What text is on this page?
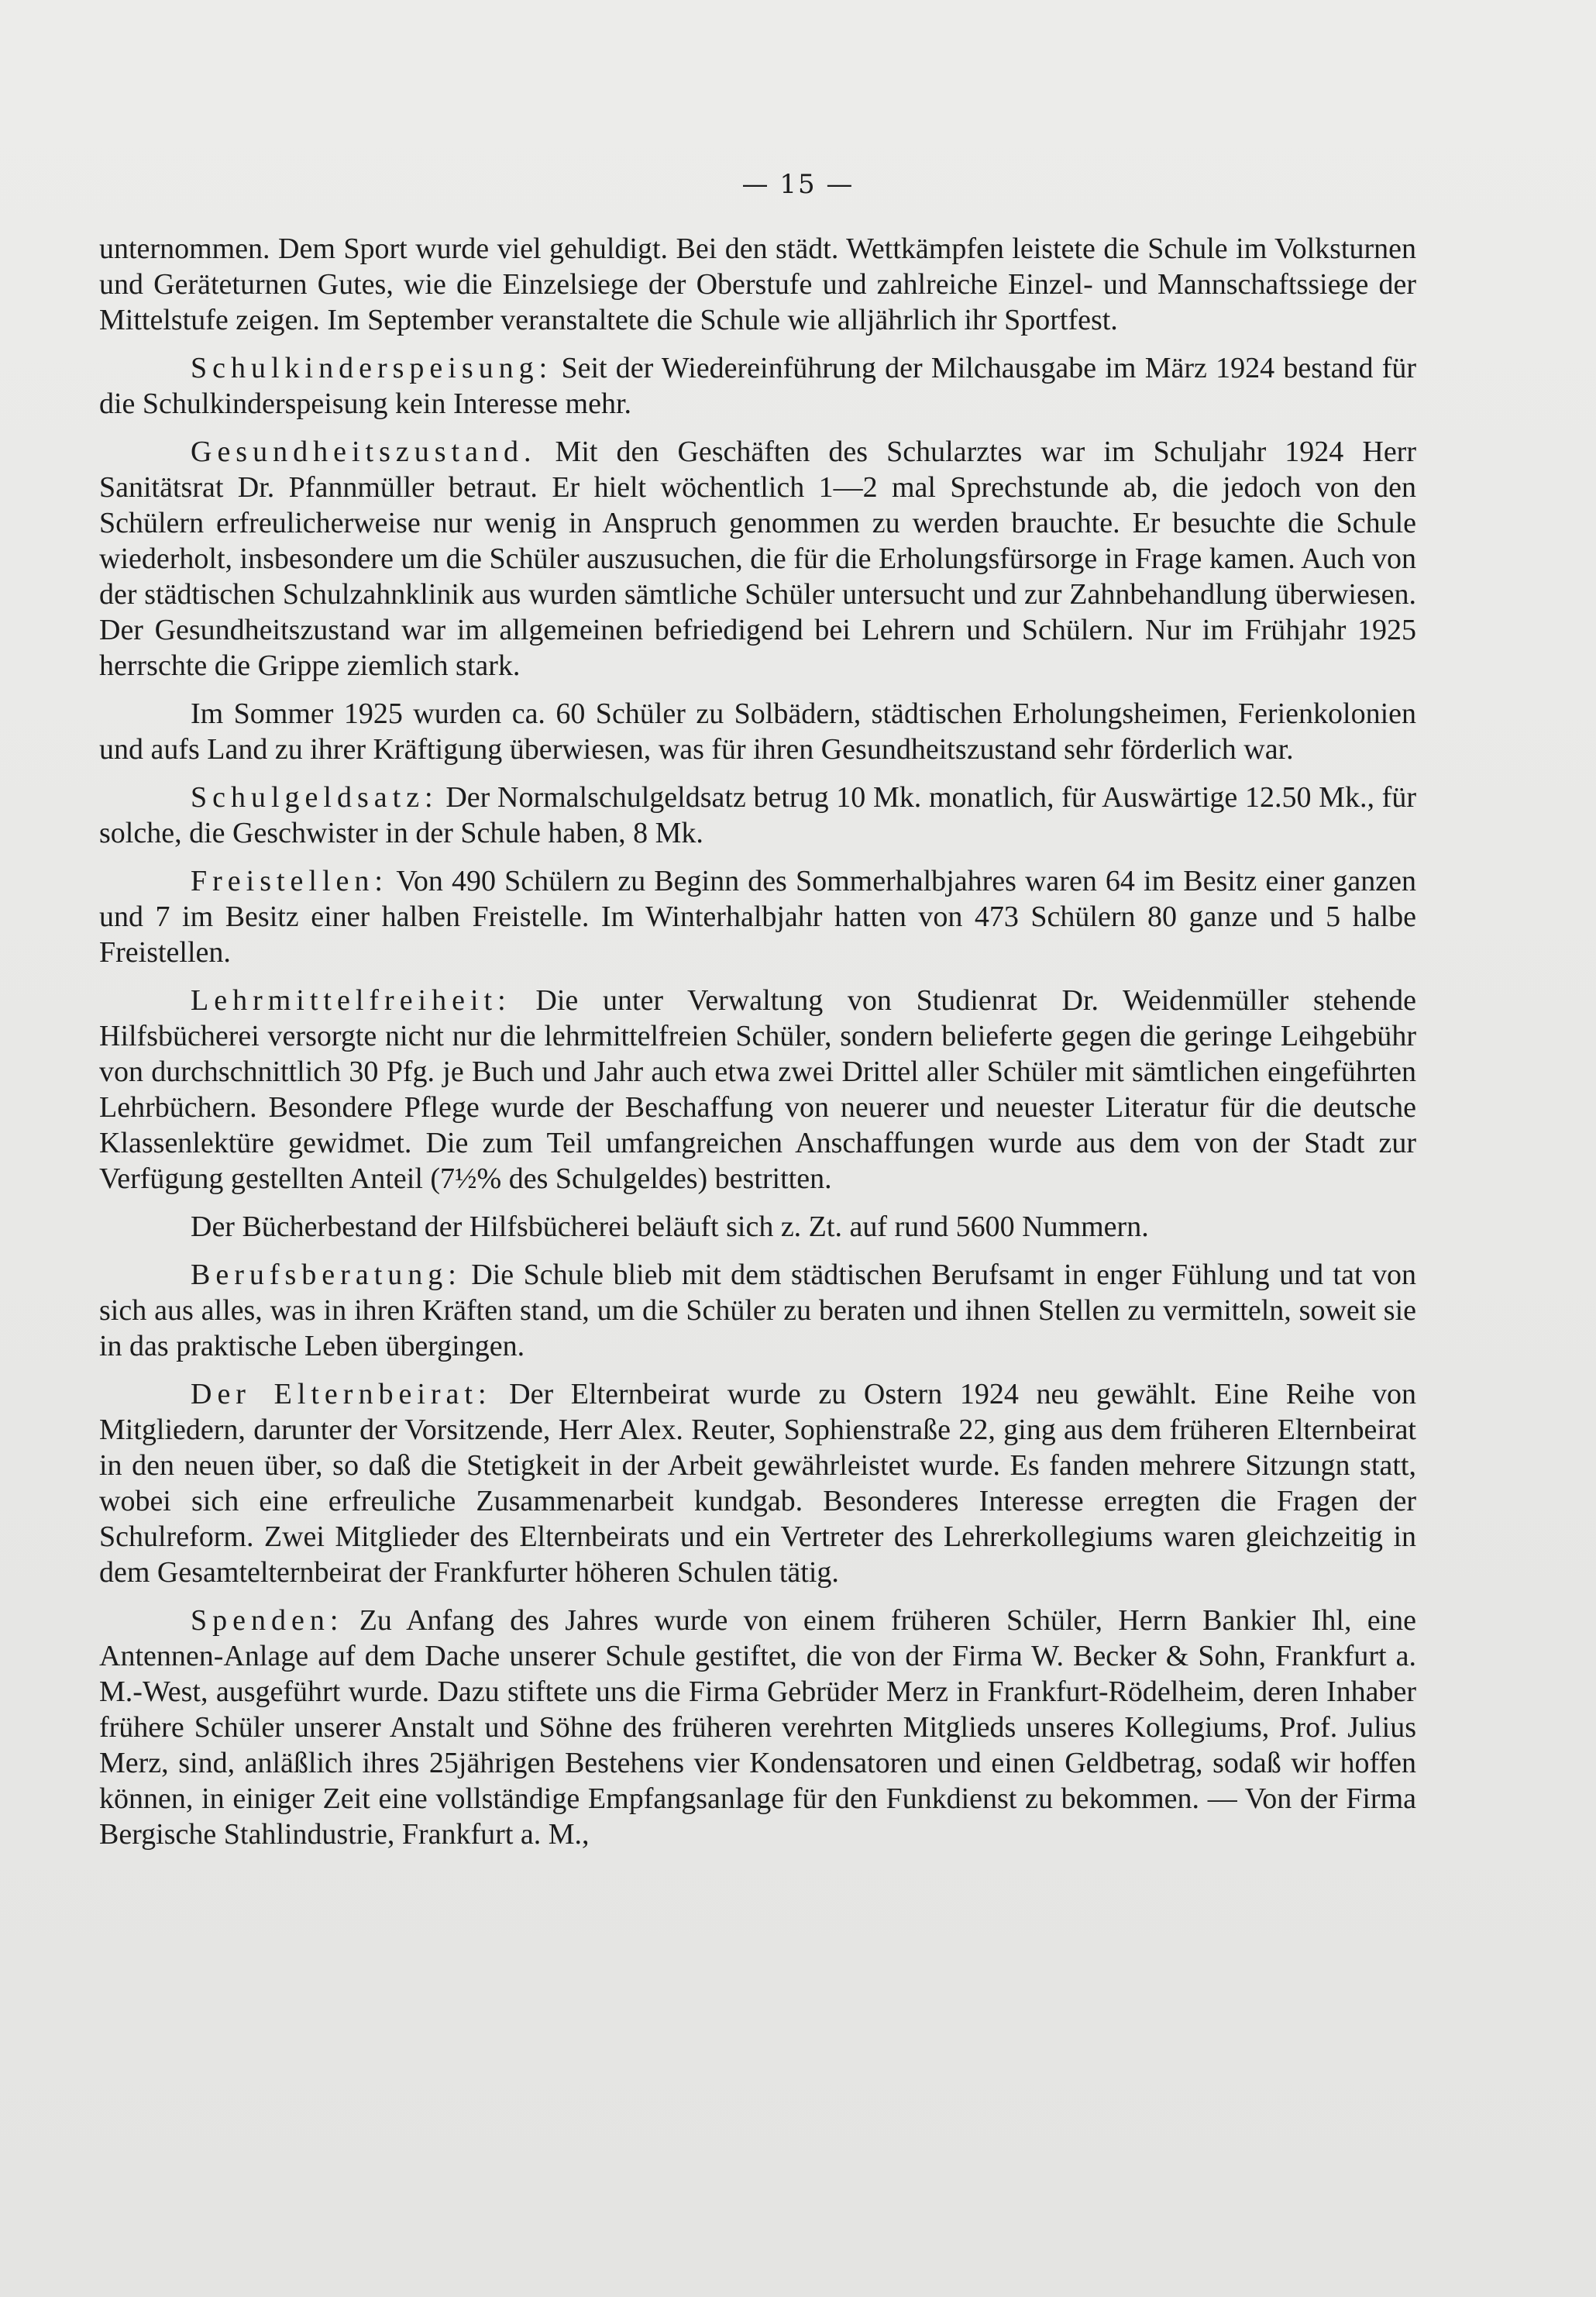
— 15 —

unternommen. Dem Sport wurde viel gehuldigt. Bei den städt. Wettkämpfen leistete die Schule im Volksturnen und Geräteturnen Gutes, wie die Einzelsiege der Oberstufe und zahlreiche Einzel- und Mannschaftssiege der Mittelstufe zeigen. Im September veranstaltete die Schule wie alljährlich ihr Sportfest.

Schulkinderspeisung: Seit der Wiedereinführung der Milchausgabe im März 1924 bestand für die Schulkinderspeisung kein Interesse mehr.

Gesundheitszustand. Mit den Geschäften des Schularztes war im Schuljahr 1924 Herr Sanitätsrat Dr. Pfannmüller betraut. Er hielt wöchentlich 1—2 mal Sprechstunde ab, die jedoch von den Schülern erfreulicherweise nur wenig in Anspruch genommen zu werden brauchte. Er besuchte die Schule wiederholt, insbesondere um die Schüler auszusuchen, die für die Erholungsfürsorge in Frage kamen. Auch von der städtischen Schulzahnklinik aus wurden sämtliche Schüler untersucht und zur Zahnbehandlung überwiesen. Der Gesundheitszustand war im allgemeinen befriedigend bei Lehrern und Schülern. Nur im Frühjahr 1925 herrschte die Grippe ziemlich stark.

Im Sommer 1925 wurden ca. 60 Schüler zu Solbädern, städtischen Erholungsheimen, Ferienkolonien und aufs Land zu ihrer Kräftigung überwiesen, was für ihren Gesundheitszustand sehr förderlich war.

Schulgeldsatz: Der Normalschulgeldsatz betrug 10 Mk. monatlich, für Auswärtige 12.50 Mk., für solche, die Geschwister in der Schule haben, 8 Mk.

Freistellen: Von 490 Schülern zu Beginn des Sommerhalbjahres waren 64 im Besitz einer ganzen und 7 im Besitz einer halben Freistelle. Im Winterhalbjahr hatten von 473 Schülern 80 ganze und 5 halbe Freistellen.

Lehrmittelfreiheit: Die unter Verwaltung von Studienrat Dr. Weidenmüller stehende Hilfsbücherei versorgte nicht nur die lehrmittelfreien Schüler, sondern belieferte gegen die geringe Leihgebühr von durchschnittlich 30 Pfg. je Buch und Jahr auch etwa zwei Drittel aller Schüler mit sämtlichen eingeführten Lehrbüchern. Besondere Pflege wurde der Beschaffung von neuerer und neuester Literatur für die deutsche Klassenlektüre gewidmet. Die zum Teil umfangreichen Anschaffungen wurde aus dem von der Stadt zur Verfügung gestellten Anteil (7½% des Schulgeldes) bestritten.

Der Bücherbestand der Hilfsbücherei beläuft sich z. Zt. auf rund 5600 Nummern.

Berufsberatung: Die Schule blieb mit dem städtischen Berufsamt in enger Fühlung und tat von sich aus alles, was in ihren Kräften stand, um die Schüler zu beraten und ihnen Stellen zu vermitteln, soweit sie in das praktische Leben übergingen.

Der Elternbeirat: Der Elternbeirat wurde zu Ostern 1924 neu gewählt. Eine Reihe von Mitgliedern, darunter der Vorsitzende, Herr Alex. Reuter, Sophienstraße 22, ging aus dem früheren Elternbeirat in den neuen über, so daß die Stetigkeit in der Arbeit gewährleistet wurde. Es fanden mehrere Sitzungn statt, wobei sich eine erfreuliche Zusammenarbeit kundgab. Besonderes Interesse erregten die Fragen der Schulreform. Zwei Mitglieder des Elternbeirats und ein Vertreter des Lehrerkollegiums waren gleichzeitig in dem Gesamtelternbeirat der Frankfurter höheren Schulen tätig.

Spenden: Zu Anfang des Jahres wurde von einem früheren Schüler, Herrn Bankier Ihl, eine Antennen-Anlage auf dem Dache unserer Schule gestiftet, die von der Firma W. Becker & Sohn, Frankfurt a. M.-West, ausgeführt wurde. Dazu stiftete uns die Firma Gebrüder Merz in Frankfurt-Rödelheim, deren Inhaber frühere Schüler unserer Anstalt und Söhne des früheren verehrten Mitglieds unseres Kollegiums, Prof. Julius Merz, sind, anläßlich ihres 25jährigen Bestehens vier Kondensatoren und einen Geldbetrag, sodaß wir hoffen können, in einiger Zeit eine vollständige Empfangsanlage für den Funkdienst zu bekommen. — Von der Firma Bergische Stahlindustrie, Frankfurt a. M.,
